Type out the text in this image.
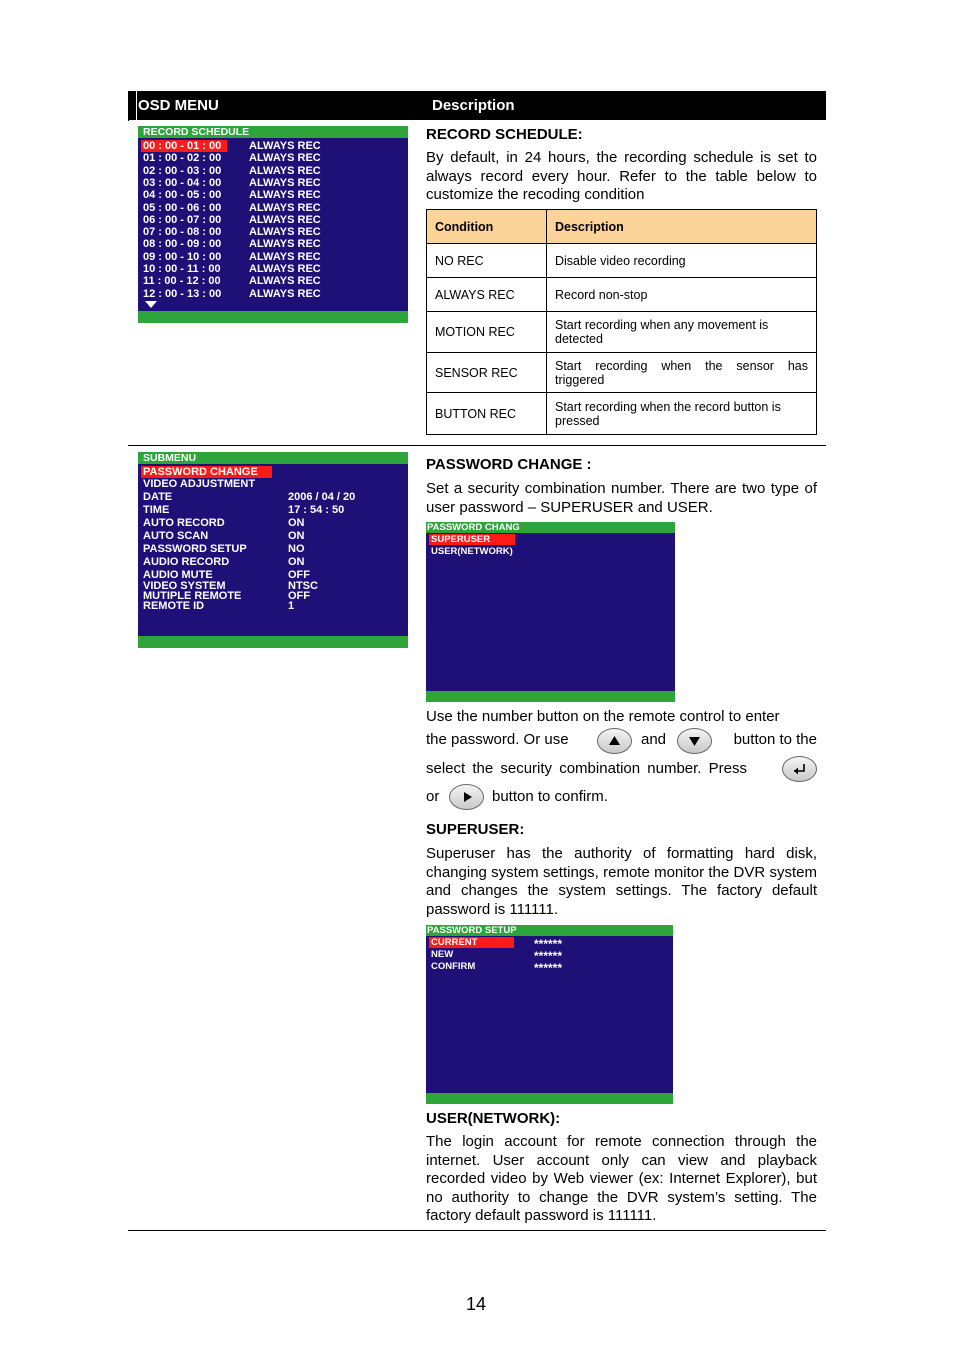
OSD MENU	Description
RECORD SCHEDULE
00 : 00 - 01 : 00	ALWAYS REC
01 : 00 - 02 : 00	ALWAYS REC
02 : 00 - 03 : 00	ALWAYS REC
03 : 00 - 04 : 00	ALWAYS REC
04 : 00 - 05 : 00	ALWAYS REC
05 : 00 - 06 : 00	ALWAYS REC
06 : 00 - 07 : 00	ALWAYS REC
07 : 00 - 08 : 00	ALWAYS REC
08 : 00 - 09 : 00	ALWAYS REC
09 : 00 - 10 : 00	ALWAYS REC
10 : 00 - 11 : 00	ALWAYS REC
11 : 00 - 12 : 00	ALWAYS REC
12 : 00 - 13 : 00	ALWAYS REC
RECORD SCHEDULE:
By default, in 24 hours, the recording schedule is set to always record every hour. Refer to the table below to customize the recoding condition
Condition	Description
NO REC	Disable video recording
ALWAYS REC	Record non-stop
MOTION REC	Start recording when any movement is detected
SENSOR REC	Start recording when the sensor has triggered
BUTTON REC	Start recording when the record button is pressed
SUBMENU
PASSWORD CHANGE
VIDEO ADJUSTMENT
DATE	2006 / 04 / 20
TIME	17 : 54 : 50
AUTO RECORD	ON
AUTO SCAN	ON
PASSWORD SETUP	NO
AUDIO RECORD	ON
AUDIO MUTE	OFF
VIDEO SYSTEM	NTSC
MUTIPLE REMOTE	OFF
REMOTE ID	1
PASSWORD CHANGE :
Set a security combination number. There are two type of user password – SUPERUSER and USER.
PASSWORD CHANG
SUPERUSER
USER(NETWORK)
Use the number button on the remote control to enter
the password. Or use	and	button to the
select the security combination number. Press
or	button to confirm.
SUPERUSER:
Superuser has the authority of formatting hard disk, changing system settings, remote monitor the DVR system and changes the system settings. The factory default password is 111111.
PASSWORD SETUP
CURRENT	******
NEW	******
CONFIRM	******
USER(NETWORK):
The login account for remote connection through the internet. User account only can view and playback recorded video by Web viewer (ex: Internet Explorer), but no authority to change the DVR system’s setting. The factory default password is 111111.
14
